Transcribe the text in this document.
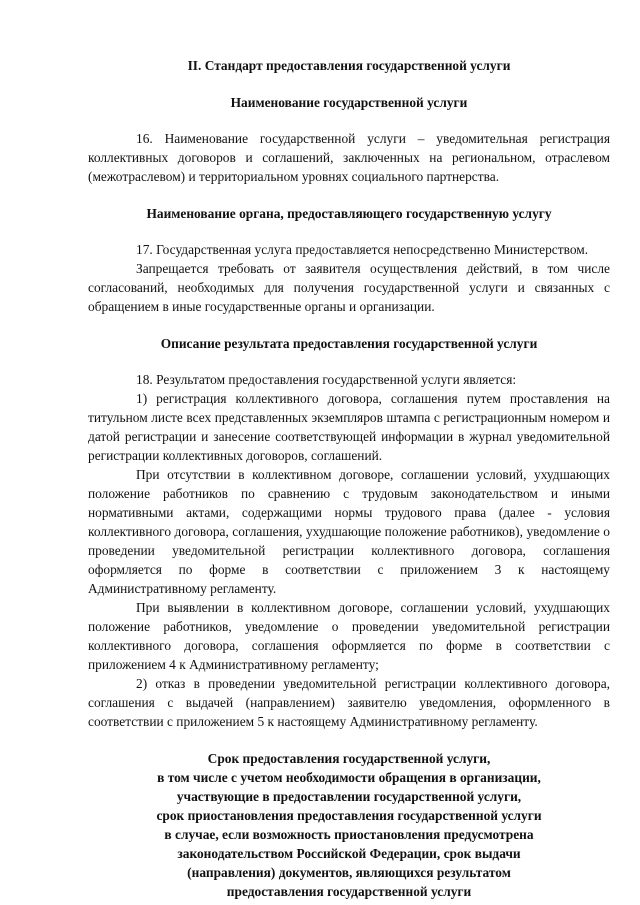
II. Стандарт предоставления государственной услуги

Наименование государственной услуги

16. Наименование государственной услуги – уведомительная регистрация коллективных договоров и соглашений, заключенных на региональном, отраслевом (межотраслевом) и территориальном уровнях социального партнерства.

Наименование органа, предоставляющего государственную услугу

17. Государственная услуга предоставляется непосредственно Министерством.

Запрещается требовать от заявителя осуществления действий, в том числе согласований, необходимых для получения государственной услуги и связанных с обращением в иные государственные органы и организации.

Описание результата предоставления государственной услуги

18. Результатом предоставления государственной услуги является:

1) регистрация коллективного договора, соглашения путем проставления на титульном листе всех представленных экземпляров штампа с регистрационным номером и датой регистрации и занесение соответствующей информации в журнал уведомительной регистрации коллективных договоров, соглашений.

При отсутствии в коллективном договоре, соглашении условий, ухудшающих положение работников по сравнению с трудовым законодательством и иными нормативными актами, содержащими нормы трудового права (далее - условия коллективного договора, соглашения, ухудшающие положение работников), уведомление о проведении уведомительной регистрации коллективного договора, соглашения оформляется по форме в соответствии с приложением 3 к настоящему Административному регламенту.

При выявлении в коллективном договоре, соглашении условий, ухудшающих положение работников, уведомление о проведении уведомительной регистрации коллективного договора, соглашения оформляется по форме в соответствии с приложением 4 к Административному регламенту;

2) отказ в проведении уведомительной регистрации коллективного договора, соглашения с выдачей (направлением) заявителю уведомления, оформленного в соответствии с приложением 5 к настоящему Административному регламенту.

Срок предоставления государственной услуги,

в том числе с учетом необходимости обращения в организации,

участвующие в предоставлении государственной услуги,

срок приостановления предоставления государственной услуги

в случае, если возможность приостановления предусмотрена

законодательством Российской Федерации, срок выдачи

(направления) документов, являющихся результатом

предоставления государственной услуги
